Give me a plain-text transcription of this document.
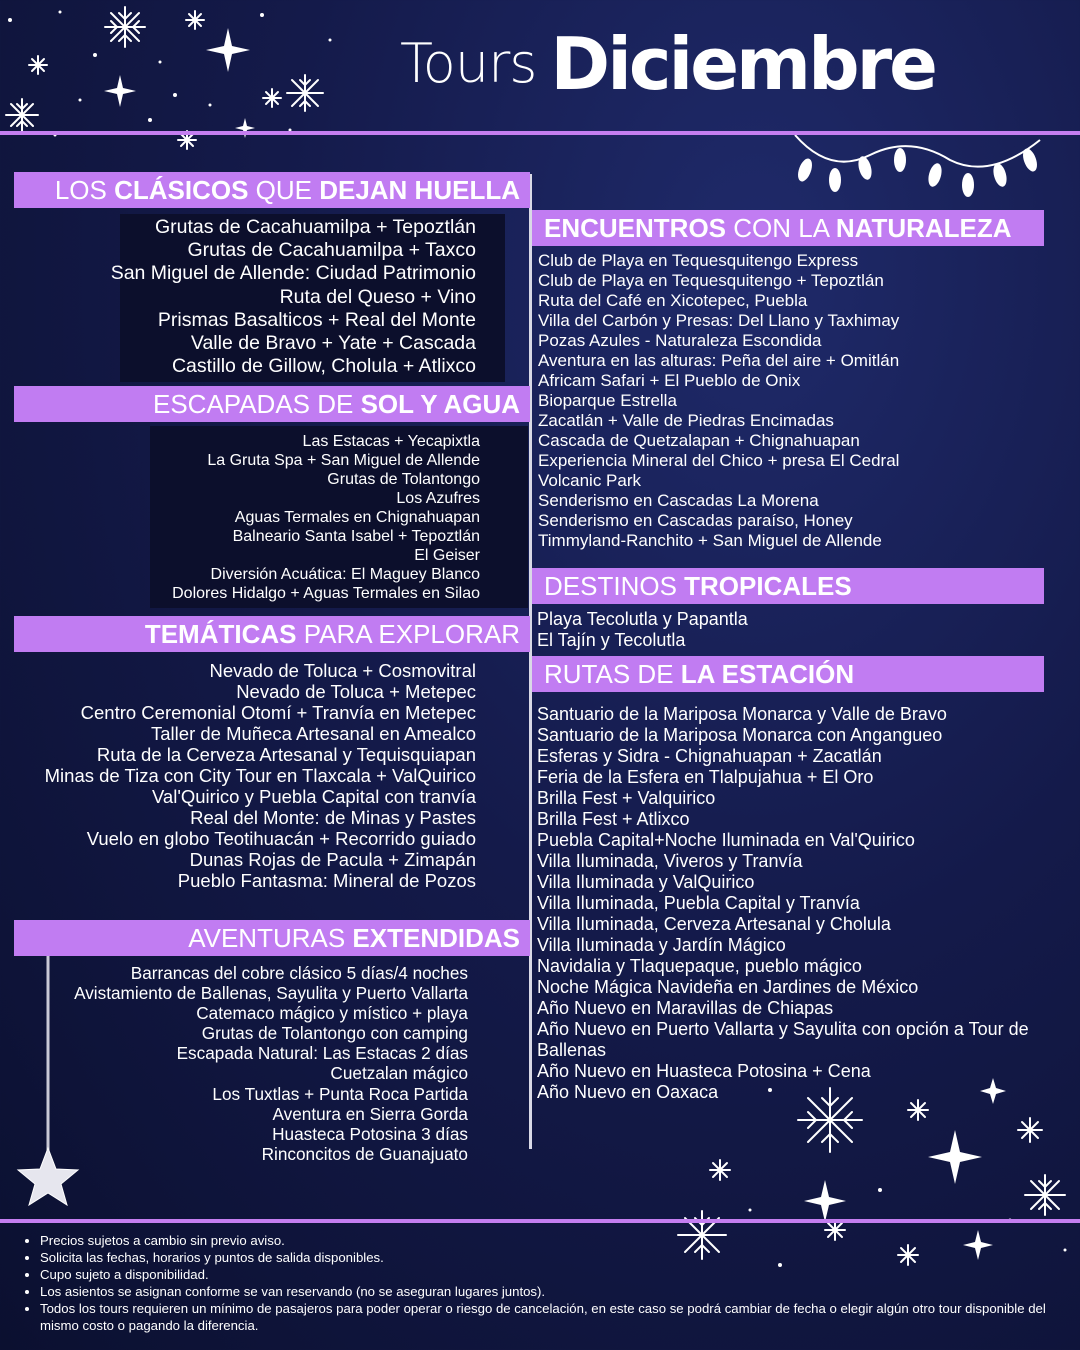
Tours Diciembre
LOS CLÁSICOS QUE DEJAN HUELLA
Grutas de Cacahuamilpa + Tepoztlán
Grutas de Cacahuamilpa + Taxco
San Miguel de Allende: Ciudad Patrimonio
Ruta del Queso + Vino
Prismas Basalticos + Real del Monte
Valle de Bravo + Yate + Cascada
Castillo de Gillow, Cholula + Atlixco
ESCAPADAS DE SOL Y AGUA
Las Estacas + Yecapixtla
La Gruta Spa + San Miguel de Allende
Grutas de Tolantongo
Los Azufres
Aguas Termales en Chignahuapan
Balneario Santa Isabel + Tepoztlán
El Geiser
Diversión Acuática: El Maguey Blanco
Dolores Hidalgo + Aguas Termales en Silao
TEMÁTICAS PARA EXPLORAR
Nevado de Toluca + Cosmovitral
Nevado de Toluca + Metepec
Centro Ceremonial Otomí + Tranvía en Metepec
Taller de Muñeca Artesanal en Amealco
Ruta de la Cerveza Artesanal y Tequisquiapan
Minas de Tiza con City Tour en Tlaxcala + ValQuirico
Val'Quirico y Puebla Capital con tranvía
Real del Monte: de Minas y Pastes
Vuelo en globo Teotihuacán + Recorrido guiado
Dunas Rojas de Pacula + Zimapán
Pueblo Fantasma: Mineral de Pozos
AVENTURAS EXTENDIDAS
Barrancas del cobre clásico 5 días/4 noches
Avistamiento de Ballenas, Sayulita y Puerto Vallarta
Catemaco mágico y místico + playa
Grutas de Tolantongo con camping
Escapada Natural: Las Estacas 2 días
Cuetzalan mágico
Los Tuxtlas + Punta Roca Partida
Aventura en Sierra Gorda
Huasteca Potosina 3 días
Rinconcitos de Guanajuato
ENCUENTROS CON LA NATURALEZA
Club de Playa en Tequesquitengo Express
Club de Playa en Tequesquitengo + Tepoztlán
Ruta del Café en Xicotepec, Puebla
Villa del Carbón y Presas: Del Llano y Taxhimay
Pozas Azules - Naturaleza Escondida
Aventura en las alturas: Peña del aire + Omitlán
Africam Safari + El Pueblo de Onix
Bioparque Estrella
Zacatlán + Valle de Piedras Encimadas
Cascada de Quetzalapan + Chignahuapan
Experiencia Mineral del Chico + presa El Cedral
Volcanic Park
Senderismo en Cascadas La Morena
Senderismo en Cascadas paraíso, Honey
Timmyland-Ranchito + San Miguel de Allende
DESTINOS TROPICALES
Playa Tecolutla y Papantla
El Tajín y Tecolutla
RUTAS DE LA ESTACIÓN
Santuario de la Mariposa Monarca y Valle de Bravo
Santuario de la Mariposa Monarca con Angangueo
Esferas y Sidra - Chignahuapan + Zacatlán
Feria de la Esfera en Tlalpujahua + El Oro
Brilla Fest + Valquirico
Brilla Fest + Atlixco
Puebla Capital+Noche Iluminada en Val'Quirico
Villa Iluminada, Viveros y Tranvía
Villa Iluminada y ValQuirico
Villa Iluminada, Puebla Capital y Tranvía
Villa Iluminada, Cerveza Artesanal y Cholula
Villa Iluminada y Jardín Mágico
Navidalia y Tlaquepaque, pueblo mágico
Noche Mágica Navideña en Jardines de México
Año Nuevo en Maravillas de Chiapas
Año Nuevo en Puerto Vallarta y Sayulita con opción a Tour de
Ballenas
Año Nuevo en Huasteca Potosina + Cena
Año Nuevo en Oaxaca
• Precios sujetos a cambio sin previo aviso.
• Solicita las fechas, horarios y puntos de salida disponibles.
• Cupo sujeto a disponibilidad.
• Los asientos se asignan conforme se van reservando (no se aseguran lugares juntos).
• Todos los tours requieren un mínimo de pasajeros para poder operar o riesgo de cancelación, en este caso se podrá cambiar de fecha o elegir algún otro tour disponible del mismo costo o pagando la diferencia.
